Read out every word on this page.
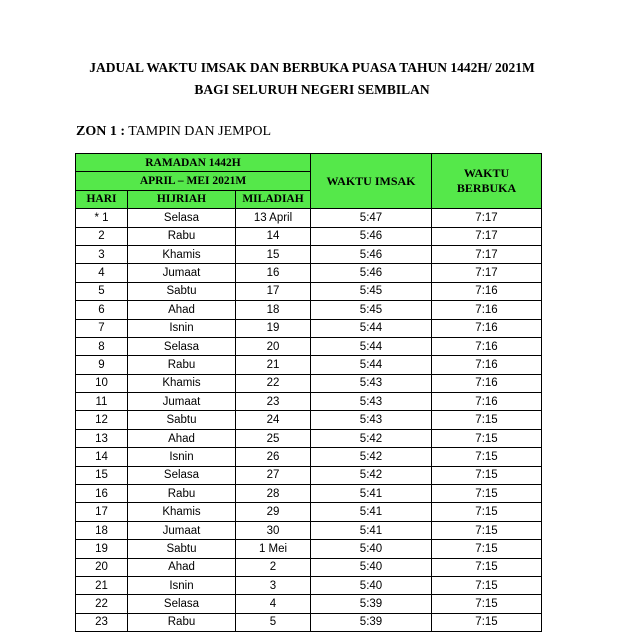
JADUAL WAKTU IMSAK DAN BERBUKA PUASA TAHUN 1442H/ 2021M
BAGI SELURUH NEGERI SEMBILAN
ZON 1 : TAMPIN DAN JEMPOL
RAMADAN 1442H			WAKTU IMSAK	WAKTU
BERBUKA
APRIL – MEI 2021M				
HARI	HIJRIAH	MILADIAH		
* 1	Selasa	13 April	5:47	7:17
2	Rabu	14	5:46	7:17
3	Khamis	15	5:46	7:17
4	Jumaat	16	5:46	7:17
5	Sabtu	17	5:45	7:16
6	Ahad	18	5:45	7:16
7	Isnin	19	5:44	7:16
8	Selasa	20	5:44	7:16
9	Rabu	21	5:44	7:16
10	Khamis	22	5:43	7:16
11	Jumaat	23	5:43	7:16
12	Sabtu	24	5:43	7:15
13	Ahad	25	5:42	7:15
14	Isnin	26	5:42	7:15
15	Selasa	27	5:42	7:15
16	Rabu	28	5:41	7:15
17	Khamis	29	5:41	7:15
18	Jumaat	30	5:41	7:15
19	Sabtu	1 Mei	5:40	7:15
20	Ahad	2	5:40	7:15
21	Isnin	3	5:40	7:15
22	Selasa	4	5:39	7:15
23	Rabu	5	5:39	7:15
